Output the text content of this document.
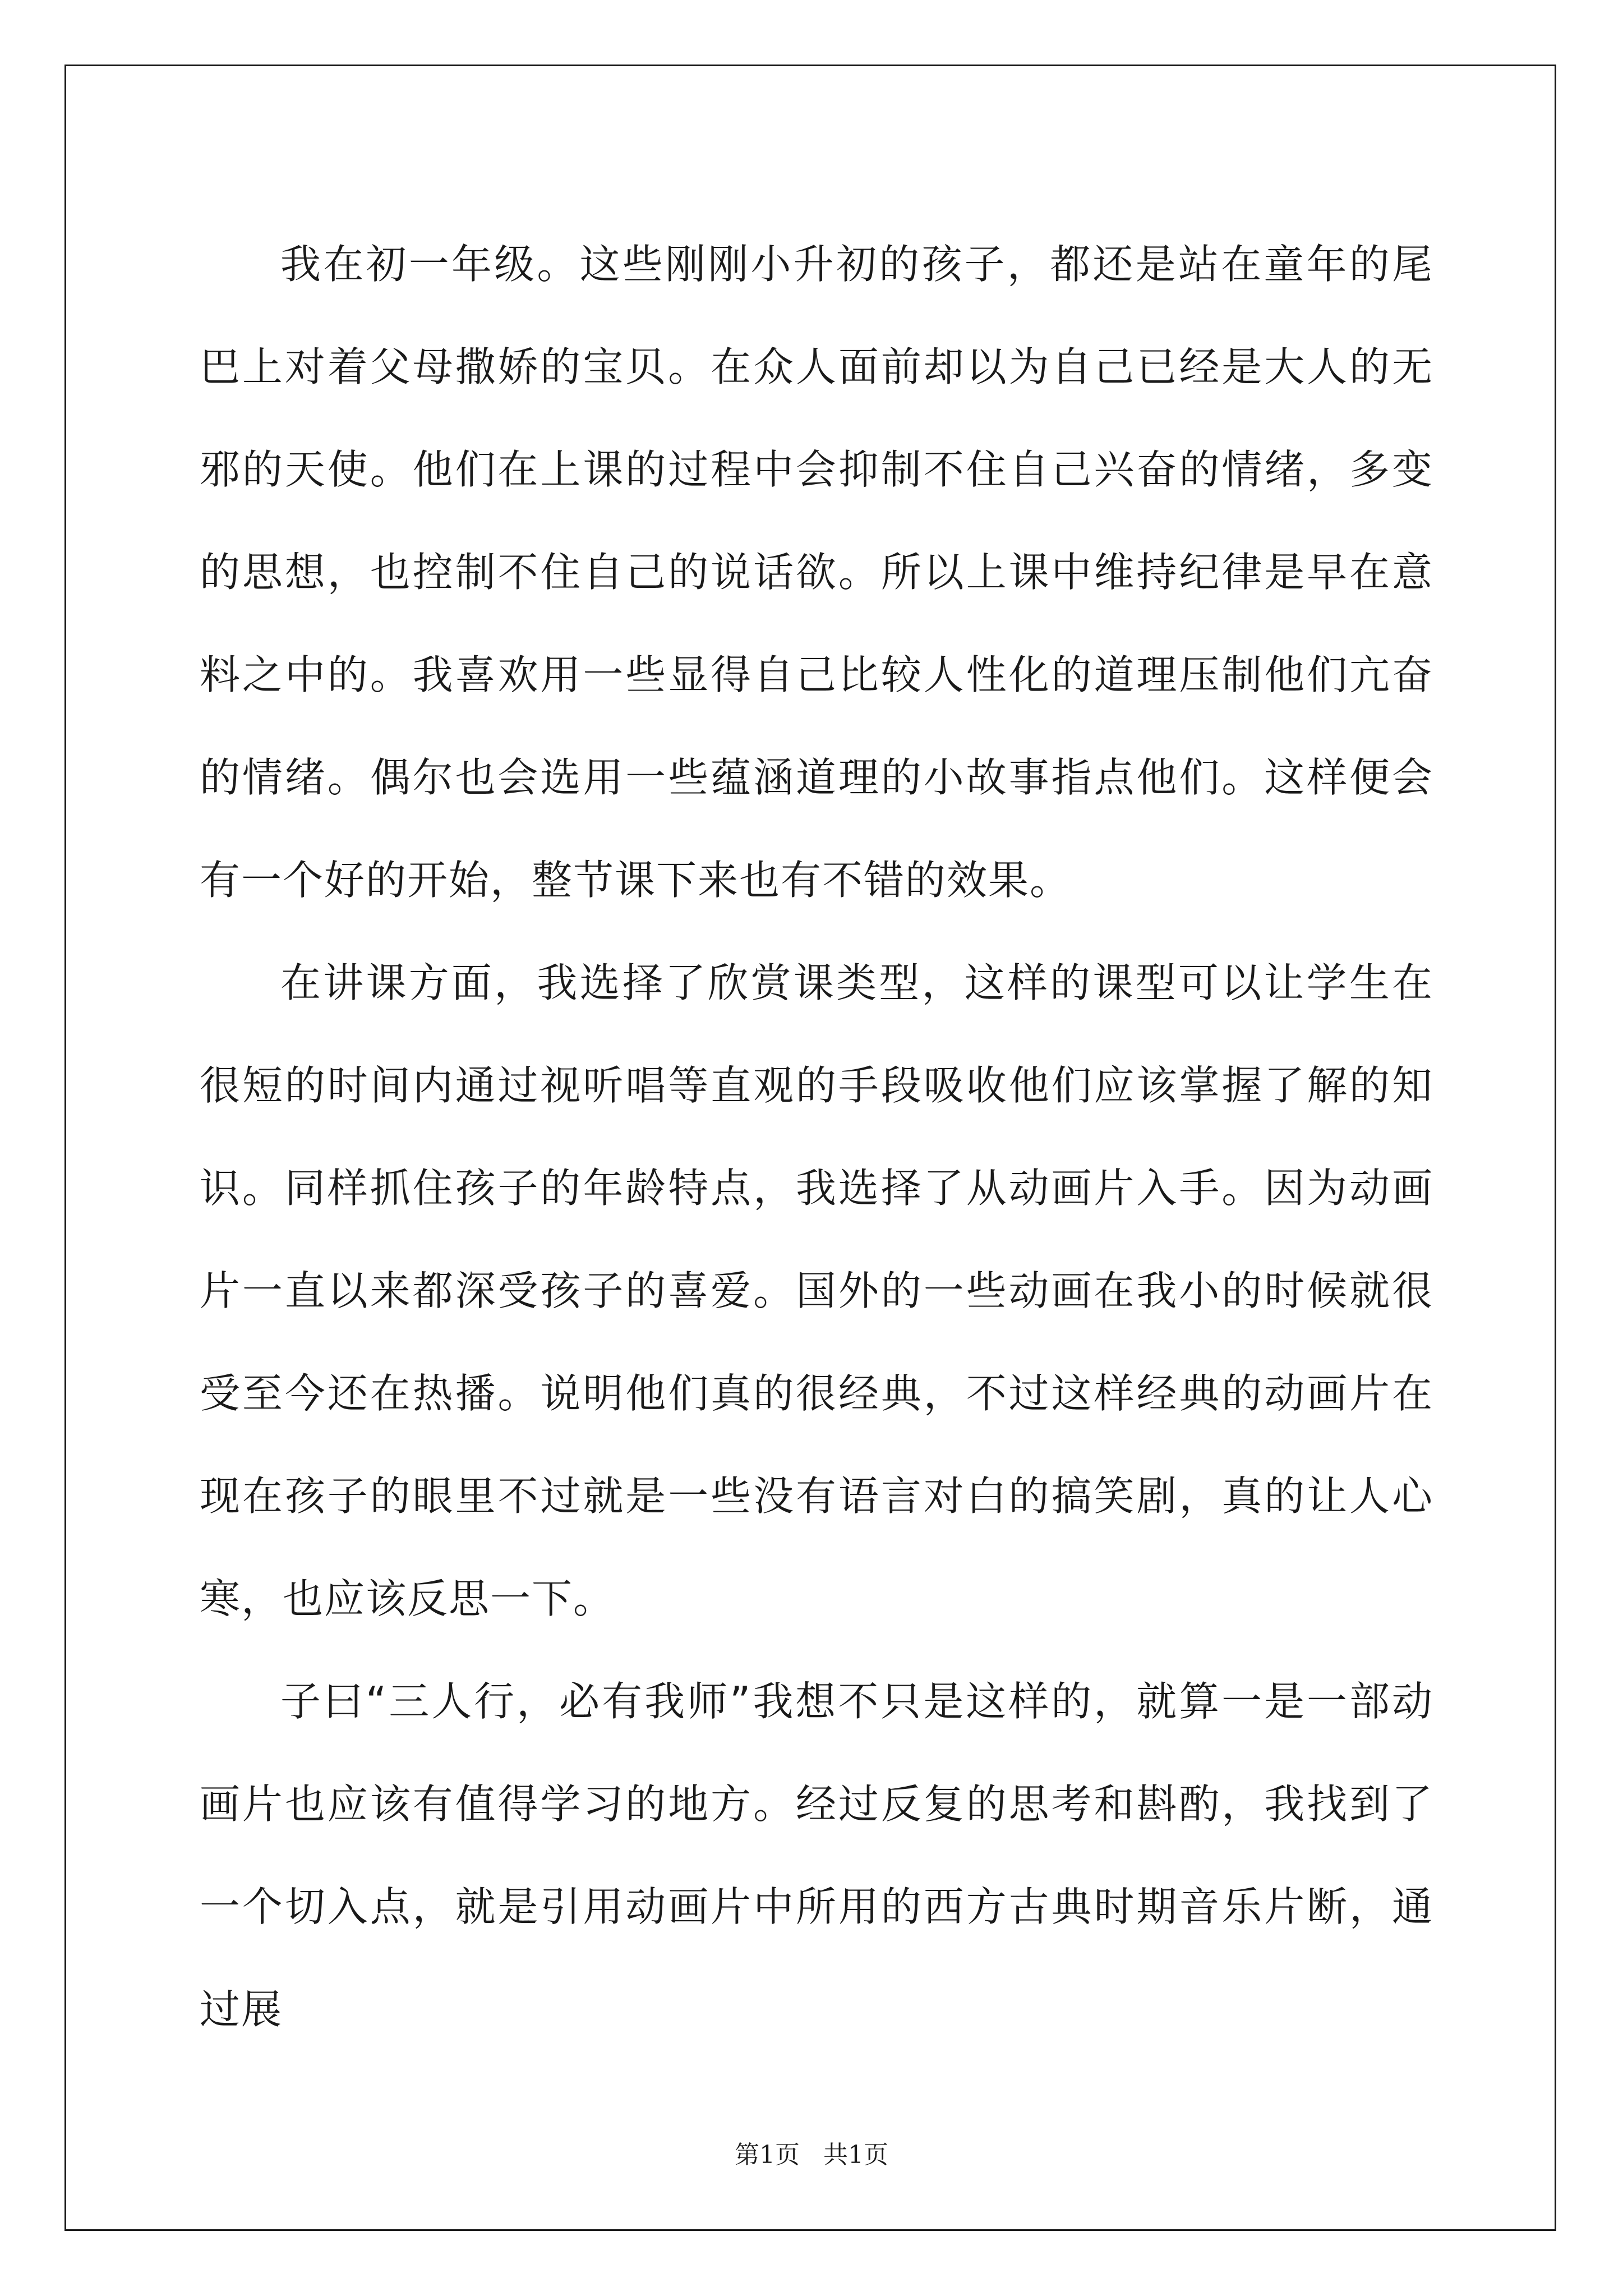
我在初一年级。这些刚刚小升初的孩子，都还是站在童年的尾巴上对着父母撒娇的宝贝。在众人面前却以为自己已经是大人的无邪的天使。他们在上课的过程中会抑制不住自己兴奋的情绪，多变的思想，也控制不住自己的说话欲。所以上课中维持纪律是早在意料之中的。我喜欢用一些显得自己比较人性化的道理压制他们亢奋的情绪。偶尔也会选用一些蕴涵道理的小故事指点他们。这样便会有一个好的开始，整节课下来也有不错的效果。

在讲课方面，我选择了欣赏课类型，这样的课型可以让学生在很短的时间内通过视听唱等直观的手段吸收他们应该掌握了解的知识。同样抓住孩子的年龄特点，我选择了从动画片入手。因为动画片一直以来都深受孩子的喜爱。国外的一些动画在我小的时候就很受至今还在热播。说明他们真的很经典，不过这样经典的动画片在现在孩子的眼里不过就是一些没有语言对白的搞笑剧，真的让人心寒，也应该反思一下。

子曰“三人行，必有我师”我想不只是这样的，就算一是一部动画片也应该有值得学习的地方。经过反复的思考和斟酌，我找到了一个切入点，就是引用动画片中所用的西方古典时期音乐片断，通过展

第1页   共1页
